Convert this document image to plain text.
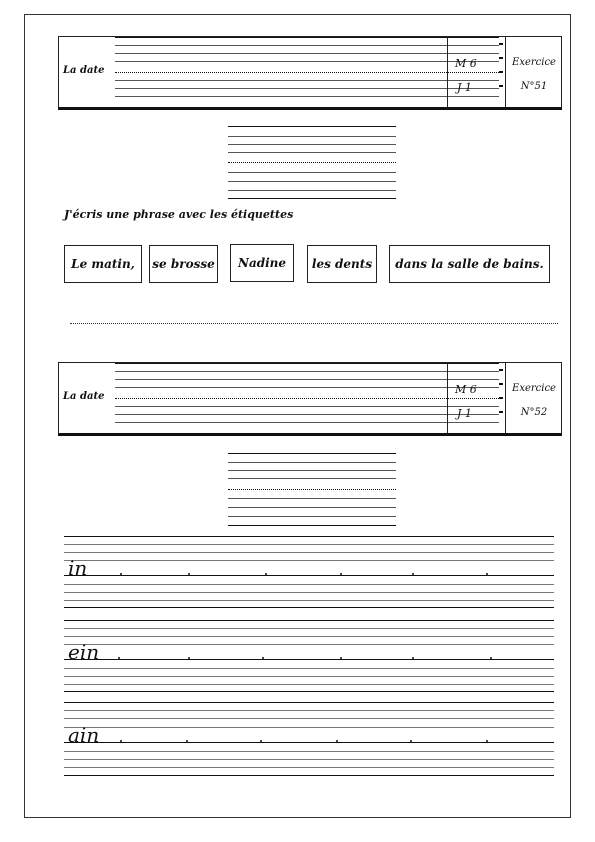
La date
M 6
J 1
Exercice
N°51
J'écris une phrase avec les étiquettes
Le matin,	se brosse	Nadine	les dents	dans la salle de bains.
La date
M 6
J 1
Exercice
N°52
in
ein
ain
